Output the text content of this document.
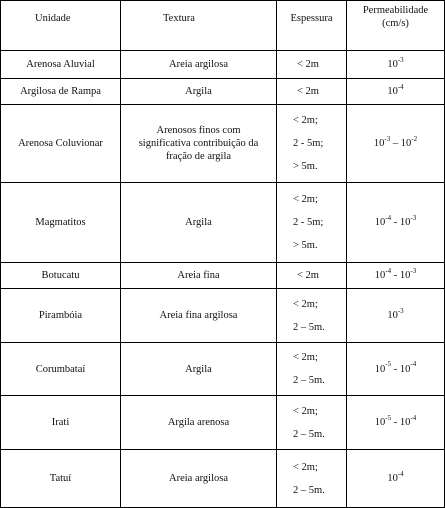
Unidade	Textura	Espessura	Permeabilidade
(cm/s)

Arenosa Aluvial	Areia argilosa	< 2m	$10^{-3}$
Argilosa de Rampa	Argila	< 2m	$10^{-4}$
Arenosa Coluvionar	Arenosos finos com
significativa contribuição da
fração de argila	< 2m;
2 - 5m;
> 5m.	$10^{-3} - 10^{-2}$
Magmatitos	Argila	< 2m;
2 - 5m;
> 5m.	$10^{-4} - 10^{-3}$
Botucatu	Areia fina	< 2m	$10^{-4} - 10^{-3}$
Pirambóia	Areia fina argilosa	< 2m;
2 – 5m.	$10^{-3}$
Corumbataí	Argila	< 2m;
2 – 5m.	$10^{-5} - 10^{-4}$
Irati	Argila arenosa	< 2m;
2 – 5m.	$10^{-5} - 10^{-4}$
Tatuí	Areia argilosa	< 2m;
2 – 5m.	$10^{-4}$
